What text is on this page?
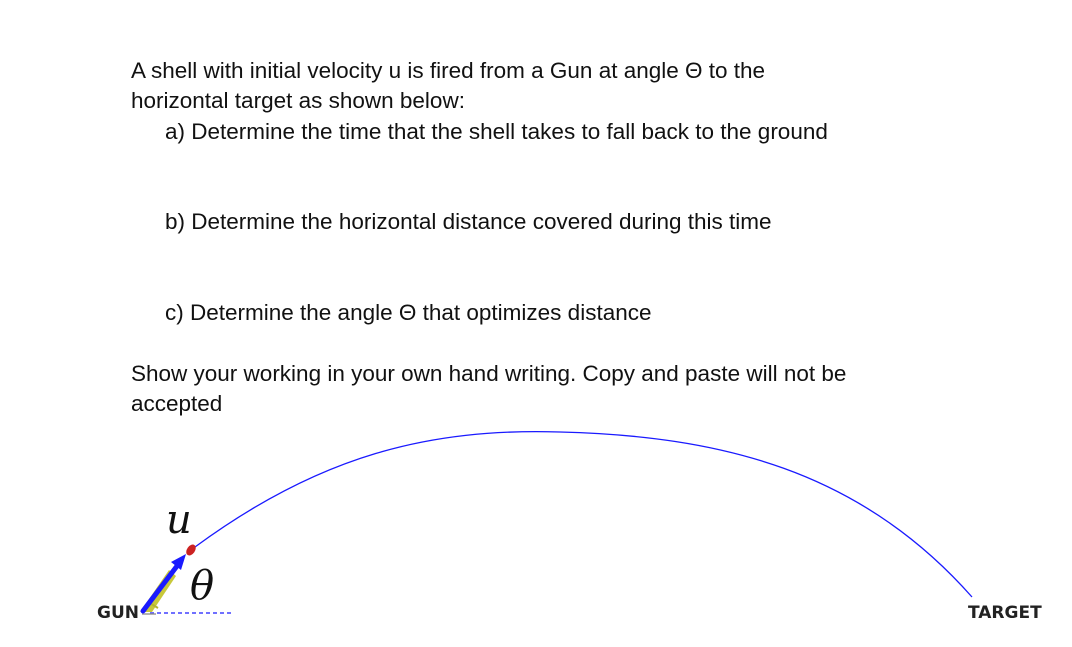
A shell with initial velocity u is fired from a Gun at angle Θ to the

horizontal target as shown below:

a) Determine the time that the shell takes to fall back to the ground

b) Determine the horizontal distance covered during this time

c) Determine the angle Θ that optimizes distance

Show your working in your own hand writing. Copy and paste will not be

accepted

u
θ
GUN	TARGET
